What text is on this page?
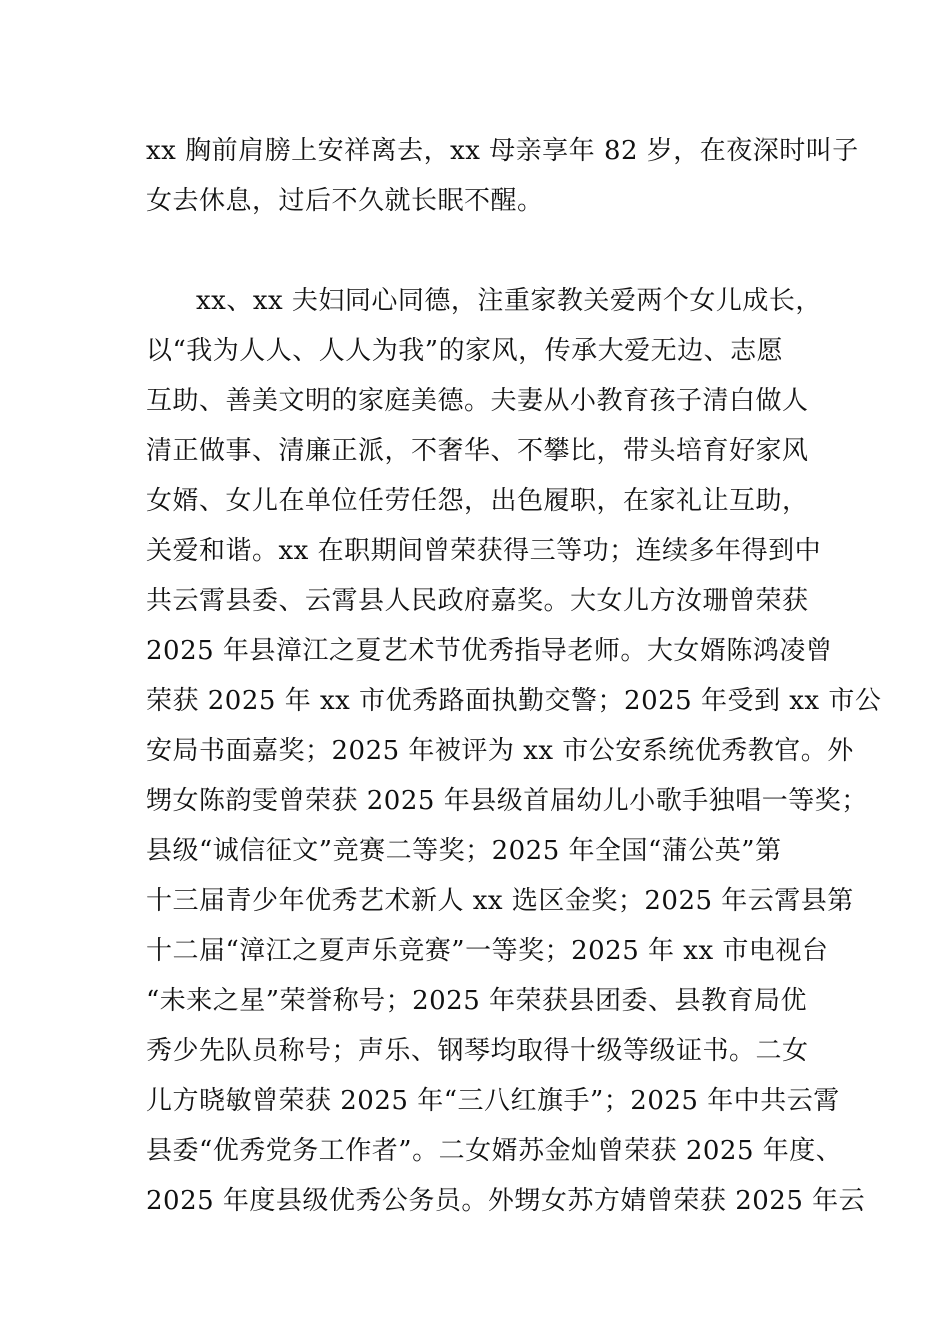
xx 胸前肩膀上安祥离去，xx 母亲享年 82 岁，在夜深时叫子
女去休息，过后不久就长眠不醒。
xx、xx 夫妇同心同德，注重家教关爱两个女儿成长，
以“我为人人、人人为我”的家风，传承大爱无边、志愿
互助、善美文明的家庭美德。夫妻从小教育孩子清白做人
清正做事、清廉正派，不奢华、不攀比，带头培育好家风
女婿、女儿在单位任劳任怨，出色履职，在家礼让互助，
关爱和谐。xx 在职期间曾荣获得三等功；连续多年得到中
共云霄县委、云霄县人民政府嘉奖。大女儿方汝珊曾荣获
2025 年县漳江之夏艺术节优秀指导老师。大女婿陈鸿凌曾
荣获 2025 年 xx 市优秀路面执勤交警；2025 年受到 xx 市公
安局书面嘉奖；2025 年被评为 xx 市公安系统优秀教官。外
甥女陈韵雯曾荣获 2025 年县级首届幼儿小歌手独唱一等奖；
县级“诚信征文”竞赛二等奖；2025 年全国“蒲公英”第
十三届青少年优秀艺术新人 xx 选区金奖；2025 年云霄县第
十二届“漳江之夏声乐竞赛”一等奖；2025 年 xx 市电视台
“未来之星”荣誉称号；2025 年荣获县团委、县教育局优
秀少先队员称号；声乐、钢琴均取得十级等级证书。二女
儿方晓敏曾荣获 2025 年“三八红旗手”；2025 年中共云霄
县委“优秀党务工作者”。二女婿苏金灿曾荣获 2025 年度、
2025 年度县级优秀公务员。外甥女苏方婧曾荣获 2025 年云
